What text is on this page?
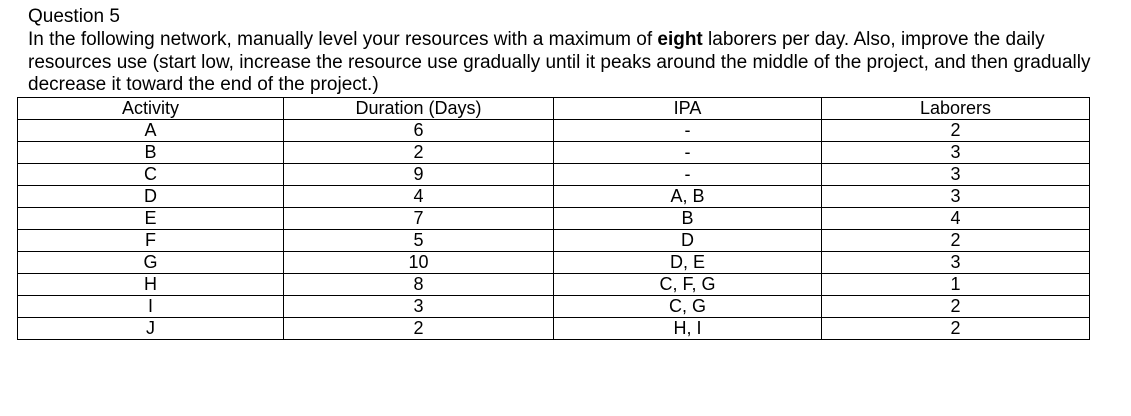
Question 5

In the following network, manually level your resources with a maximum of eight laborers per day. Also, improve the daily resources use (start low, increase the resource use gradually until it peaks around the middle of the project, and then gradually decrease it toward the end of the project.)

Activity	Duration (Days)	IPA	Laborers
A	6	-	2
B	2	-	3
C	9	-	3
D	4	A, B	3
E	7	B	4
F	5	D	2
G	10	D, E	3
H	8	C, F, G	1
I	3	C, G	2
J	2	H, I	2
